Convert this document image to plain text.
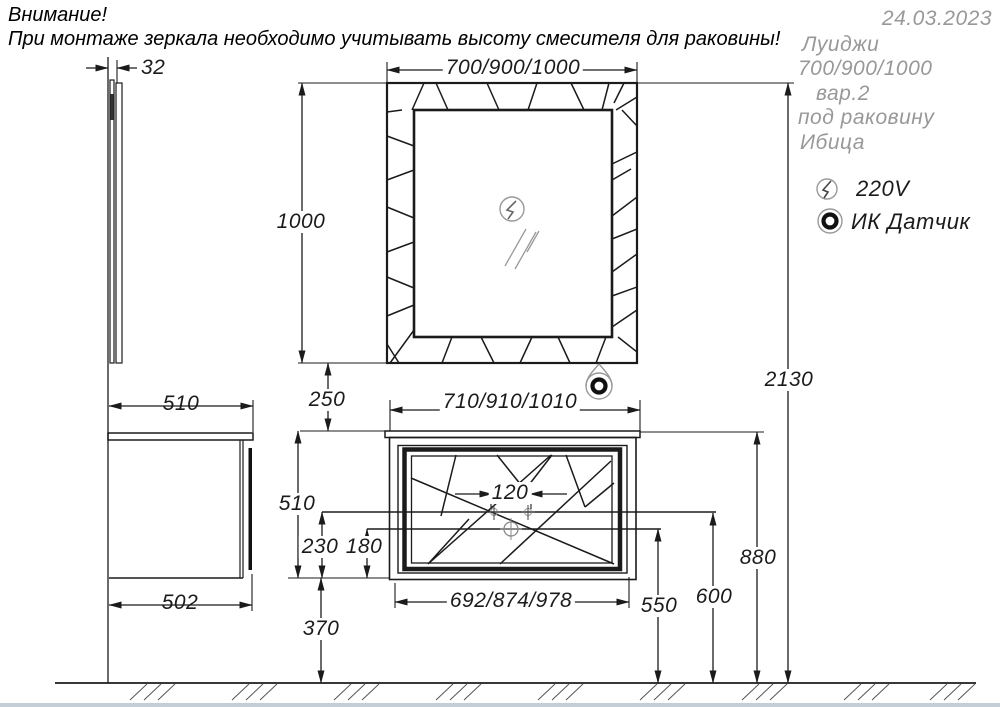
Внимание!
При монтаже зеркала необходимо учитывать высоту смесителя для раковины!
24.03.2023
Луиджи
700/900/1000
вар.2
под раковину
Ибица
220V
ИК Датчик
32	700/900/1000
1000
250
510
502
710/910/1010
510	120
230 180
692/874/978	550 600
880
2130
370
